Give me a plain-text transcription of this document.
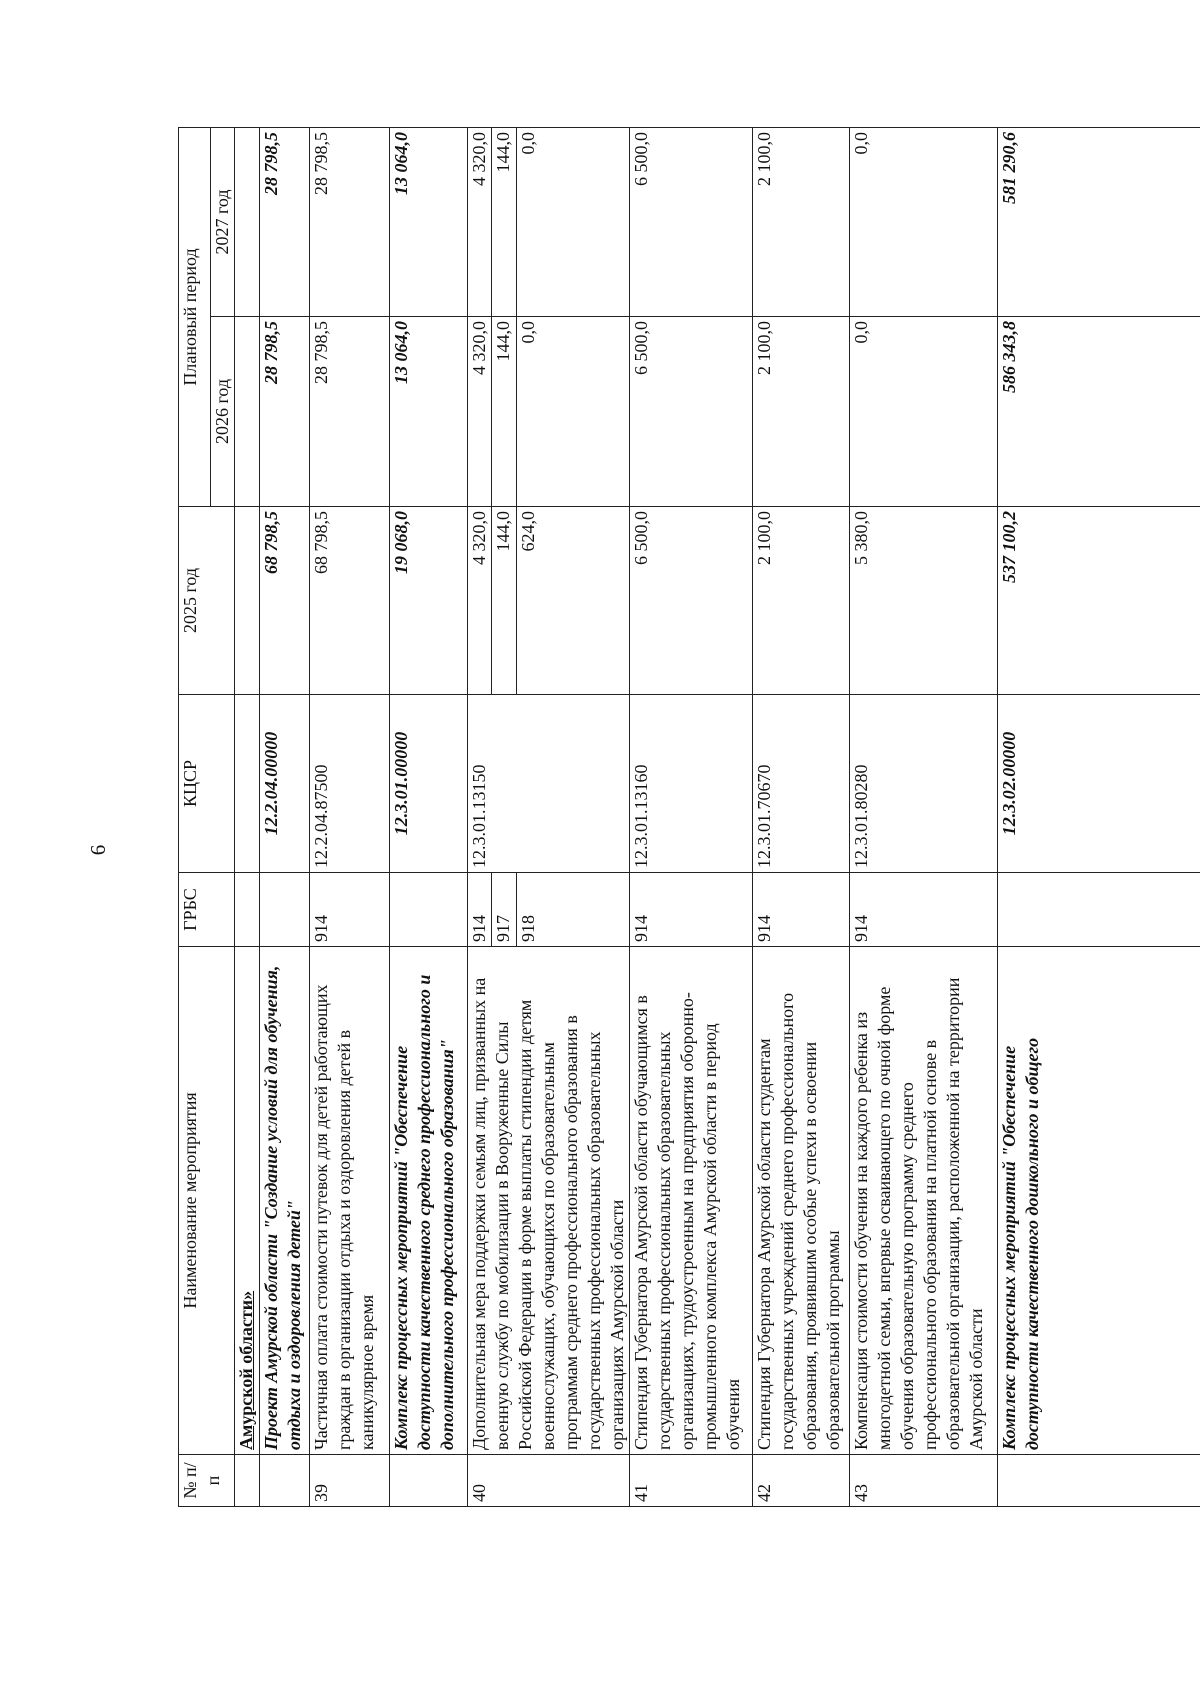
6
№ п/п	Наименование мероприятия	ГРБС	КЦСР	2025 год	Плановый период	
					2026 год	2027 год
	Амурской области»					
	Проект Амурской области "Создание условий для обучения, отдыха и оздоровления детей"		12.2.04.00000	68 798,5	28 798,5	28 798,5
39	Частичная оплата стоимости путевок для детей работающих граждан в организации отдыха и оздоровления детей в каникулярное время	914	12.2.04.87500	68 798,5	28 798,5	28 798,5
	Комплекс процессных мероприятий "Обеспечение доступности качественного среднего профессионального и дополнительного профессионального образования"		12.3.01.00000	19 068,0	13 064,0	13 064,0
40	Дополнительная мера поддержки семьям лиц, призванных на военную службу по мобилизации в Вооруженные Силы Российской Федерации в форме выплаты стипендии детям военнослужащих, обучающихся по образовательным программам среднего профессионального образования в государственных профессиональных образовательных организациях Амурской области	914	12.3.01.13150	4 320,0	4 320,0	4 320,0
		917		144,0	144,0	144,0
		918		624,0	0,0	0,0
41	Стипендия Губернатора Амурской области обучающимся в государственных профессиональных образовательных организациях, трудоустроенным на предприятия оборонно-промышленного комплекса Амурской области в период обучения	914	12.3.01.13160	6 500,0	6 500,0	6 500,0
42	Стипендия Губернатора Амурской области студентам государственных учреждений среднего профессионального образования, проявившим особые успехи в освоении образовательной программы	914	12.3.01.70670	2 100,0	2 100,0	2 100,0
43	Компенсация стоимости обучения на каждого ребенка из многодетной семьи, впервые осваивающего по очной форме обучения образовательную программу среднего профессионального образования на платной основе в образовательной организации, расположенной на территории Амурской области	914	12.3.01.80280	5 380,0	0,0	0,0
	Комплекс процессных мероприятий "Обеспечение доступности качественного дошкольного и общего		12.3.02.00000	537 100,2	586 343,8	581 290,6
